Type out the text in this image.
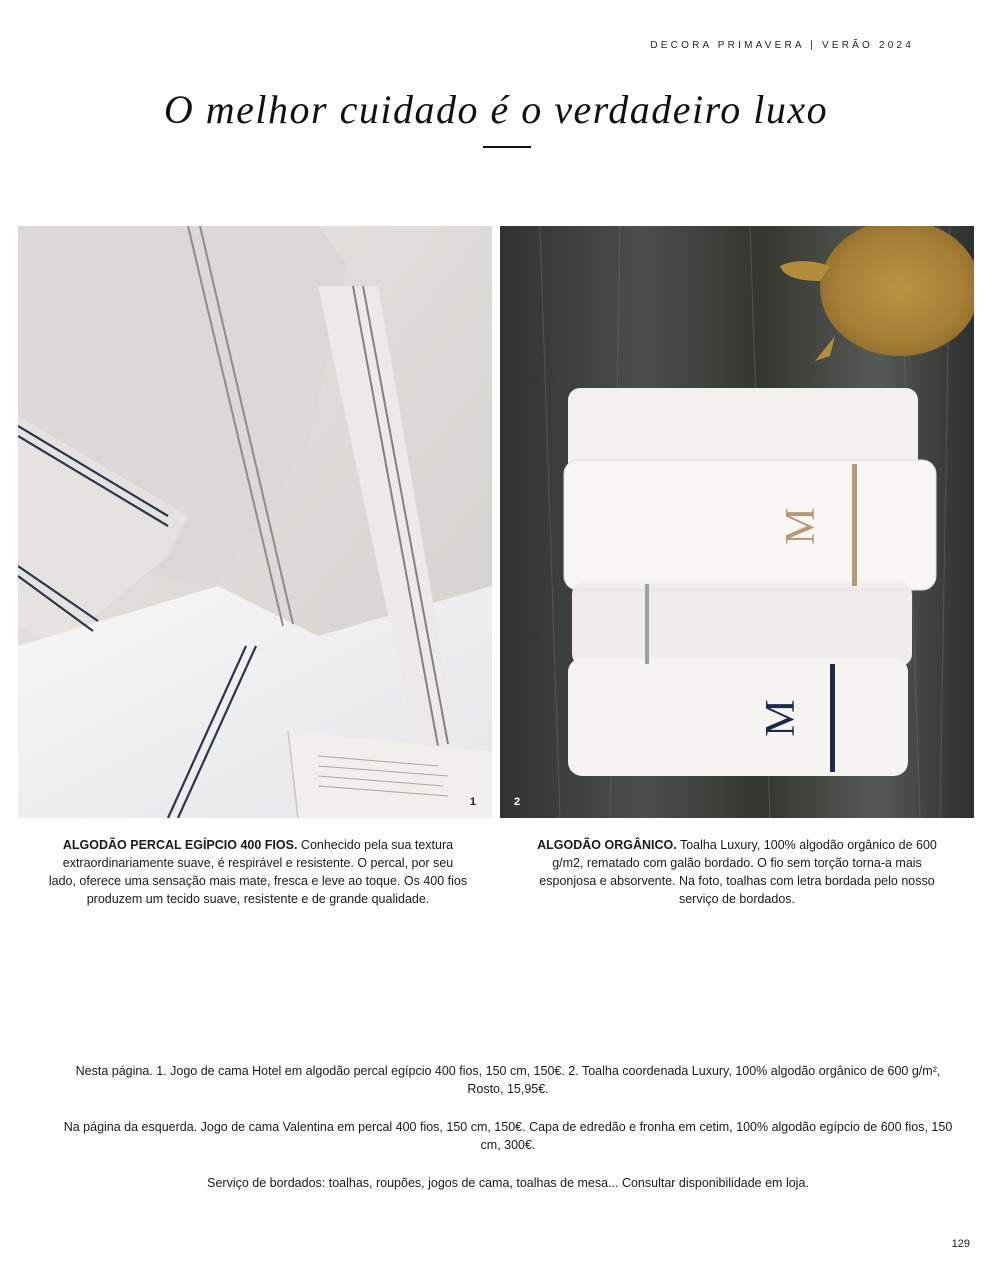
DECORA PRIMAVERA | VERÃO 2024
O melhor cuidado é o verdadeiro luxo
1
M
M
2
ALGODÃO PERCAL EGÍPCIO 400 FIOS. Conhecido pela sua textura extraordinariamente suave, é respirável e resistente. O percal, por seu lado, oferece uma sensação mais mate, fresca e leve ao toque. Os 400 fios produzem um tecido suave, resistente e de grande qualidade.
ALGODÃO ORGÂNICO. Toalha Luxury, 100% algodão orgânico de 600 g/m2, rematado com galão bordado. O fio sem torção torna-a mais esponjosa e absorvente. Na foto, toalhas com letra bordada pelo nosso serviço de bordados.

Nesta página. 1. Jogo de cama Hotel em algodão percal egípcio 400 fios, 150 cm, 150€. 2. Toalha coordenada Luxury, 100% algodão orgânico de 600 g/m², Rosto, 15,95€.

Na página da esquerda. Jogo de cama Valentina em percal 400 fios, 150 cm, 150€. Capa de edredão e fronha em cetim, 100% algodão egípcio de 600 fios, 150 cm, 300€.

Serviço de bordados: toalhas, roupões, jogos de cama, toalhas de mesa... Consultar disponibilidade em loja.

129
